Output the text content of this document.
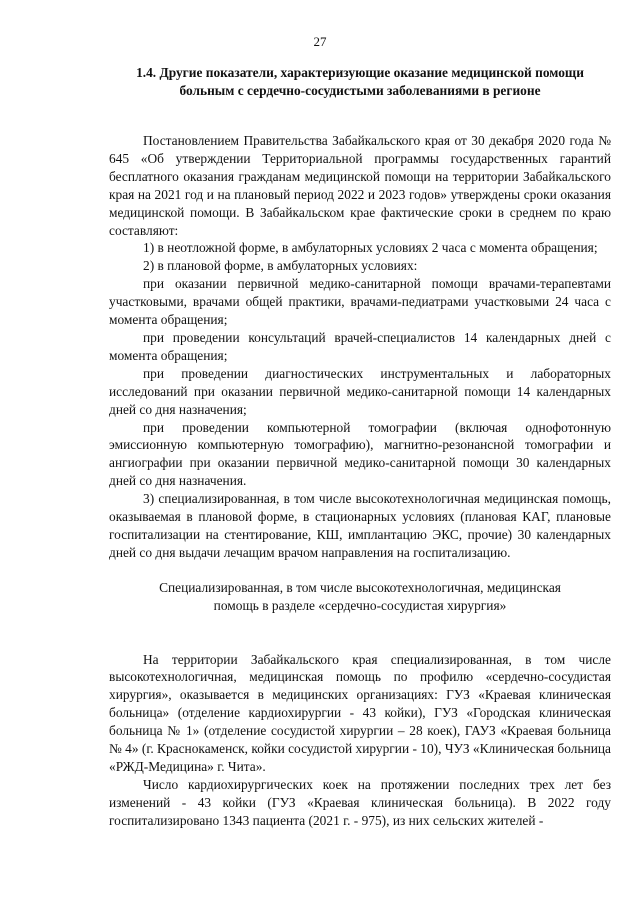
27
1.4. Другие показатели, характеризующие оказание медицинской помощи
больным с сердечно-сосудистыми заболеваниями в регионе

Постановлением Правительства Забайкальского края от 30 декабря 2020 года № 645 «Об утверждении Территориальной программы государственных гарантий бесплатного оказания гражданам медицинской помощи на территории Забайкальского края на 2021 год и на плановый период 2022 и 2023 годов» утверждены сроки оказания медицинской помощи. В Забайкальском крае фактические сроки в среднем по краю составляют:

1) в неотложной форме, в амбулаторных условиях 2 часа с момента обращения;

2) в плановой форме, в амбулаторных условиях:

при оказании первичной медико-санитарной помощи врачами-терапевтами участковыми, врачами общей практики, врачами-педиатрами участковыми 24 часа с момента обращения;

при проведении консультаций врачей-специалистов 14 календарных дней с момента обращения;

при проведении диагностических инструментальных и лабораторных исследований при оказании первичной медико-санитарной помощи 14 календарных дней со дня назначения;

при проведении компьютерной томографии (включая однофотонную эмиссионную компьютерную томографию), магнитно-резонансной томографии и ангиографии при оказании первичной медико-санитарной помощи 30 календарных дней со дня назначения.

3) специализированная, в том числе высокотехнологичная медицинская помощь, оказываемая в плановой форме, в стационарных условиях (плановая КАГ, плановые госпитализации на стентирование, КШ, имплантацию ЭКС, прочие) 30 календарных дней со дня выдачи лечащим врачом направления на госпитализацию.

Специализированная, в том числе высокотехнологичная, медицинская
помощь в разделе «сердечно-сосудистая хирургия»

На территории Забайкальского края специализированная, в том числе высокотехнологичная, медицинская помощь по профилю «сердечно-сосудистая хирургия», оказывается в медицинских организациях: ГУЗ «Краевая клиническая больница» (отделение кардиохирургии - 43 койки), ГУЗ «Городская клиническая больница № 1» (отделение сосудистой хирургии – 28 коек), ГАУЗ «Краевая больница № 4» (г. Краснокаменск, койки сосудистой хирургии - 10), ЧУЗ «Клиническая больница «РЖД-Медицина» г. Чита».

Число кардиохирургических коек на протяжении последних трех лет без изменений - 43 койки (ГУЗ «Краевая клиническая больница). В 2022 году госпитализировано 1343 пациента (2021 г. - 975), из них сельских жителей -
